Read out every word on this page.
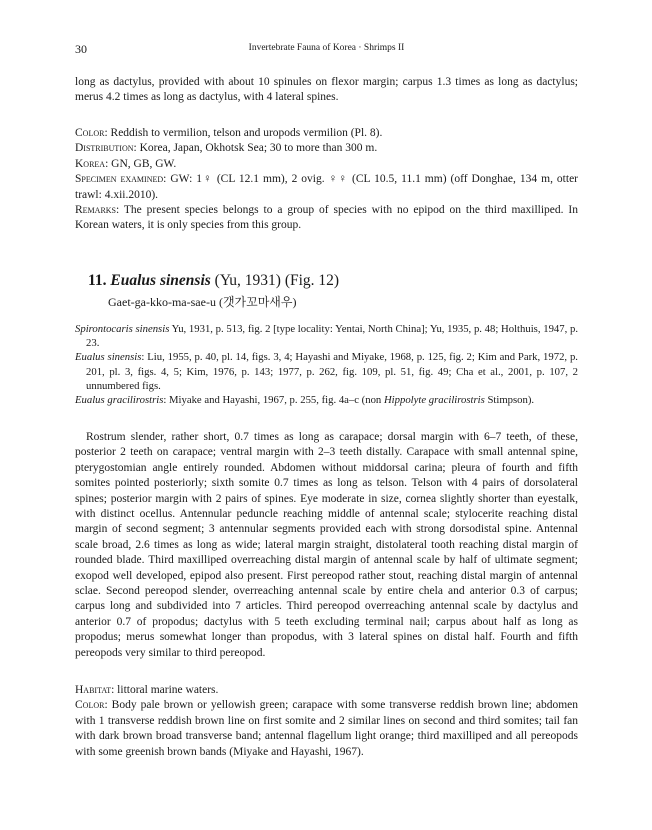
30	Invertebrate Fauna of Korea · Shrimps II

long as dactylus, provided with about 10 spinules on flexor margin; carpus 1.3 times as long as dactylus; merus 4.2 times as long as dactylus, with 4 lateral spines.

Color: Reddish to vermilion, telson and uropods vermilion (Pl. 8).

Distribution: Korea, Japan, Okhotsk Sea; 30 to more than 300 m.

Korea: GN, GB, GW.

Specimen examined: GW: 1♀ (CL 12.1 mm), 2 ovig. ♀♀ (CL 10.5, 11.1 mm) (off Donghae, 134 m, otter trawl: 4.xii.2010).

Remarks: The present species belongs to a group of species with no epipod on the third maxilliped. In Korean waters, it is only species from this group.

11. Eualus sinensis (Yu, 1931) (Fig. 12)
Gaet-ga-kko-ma-sae-u (갯가꼬마새우)

Spirontocaris sinensis Yu, 1931, p. 513, fig. 2 [type locality: Yentai, North China]; Yu, 1935, p. 48; Holthuis, 1947, p. 23.

Eualus sinensis: Liu, 1955, p. 40, pl. 14, figs. 3, 4; Hayashi and Miyake, 1968, p. 125, fig. 2; Kim and Park, 1972, p. 201, pl. 3, figs. 4, 5; Kim, 1976, p. 143; 1977, p. 262, fig. 109, pl. 51, fig. 49; Cha et al., 2001, p. 107, 2 unnumbered figs.

Eualus gracilirostris: Miyake and Hayashi, 1967, p. 255, fig. 4a–c (non Hippolyte gracilirostris Stimpson).

Rostrum slender, rather short, 0.7 times as long as carapace; dorsal margin with 6–7 teeth, of these, posterior 2 teeth on carapace; ventral margin with 2–3 teeth distally. Carapace with small antennal spine, pterygostomian angle entirely rounded. Abdomen without middorsal carina; pleura of fourth and fifth somites pointed posteriorly; sixth somite 0.7 times as long as telson. Telson with 4 pairs of dorsolateral spines; posterior margin with 2 pairs of spines. Eye moderate in size, cornea slightly shorter than eyestalk, with distinct ocellus. Antennular peduncle reaching middle of antennal scale; stylocerite reaching distal margin of second segment; 3 antennular segments provided each with strong dorsodistal spine. Antennal scale broad, 2.6 times as long as wide; lateral margin straight, distolateral tooth reaching distal margin of rounded blade. Third maxilliped overreaching distal margin of antennal scale by half of ultimate segment; exopod well developed, epipod also present. First pereopod rather stout, reaching distal margin of antennal sclae. Second pereopod slender, overreaching antennal scale by entire chela and anterior 0.3 of carpus; carpus long and subdivided into 7 articles. Third pereopod overreaching antennal scale by dactylus and anterior 0.7 of propodus; dactylus with 5 teeth excluding terminal nail; carpus about half as long as propodus; merus somewhat longer than propodus, with 3 lateral spines on distal half. Fourth and fifth pereopods very similar to third pereopod.

Habitat: littoral marine waters.

Color: Body pale brown or yellowish green; carapace with some transverse reddish brown line; abdomen with 1 transverse reddish brown line on first somite and 2 similar lines on second and third somites; tail fan with dark brown broad transverse band; antennal flagellum light orange; third maxilliped and all pereopods with some greenish brown bands (Miyake and Hayashi, 1967).
